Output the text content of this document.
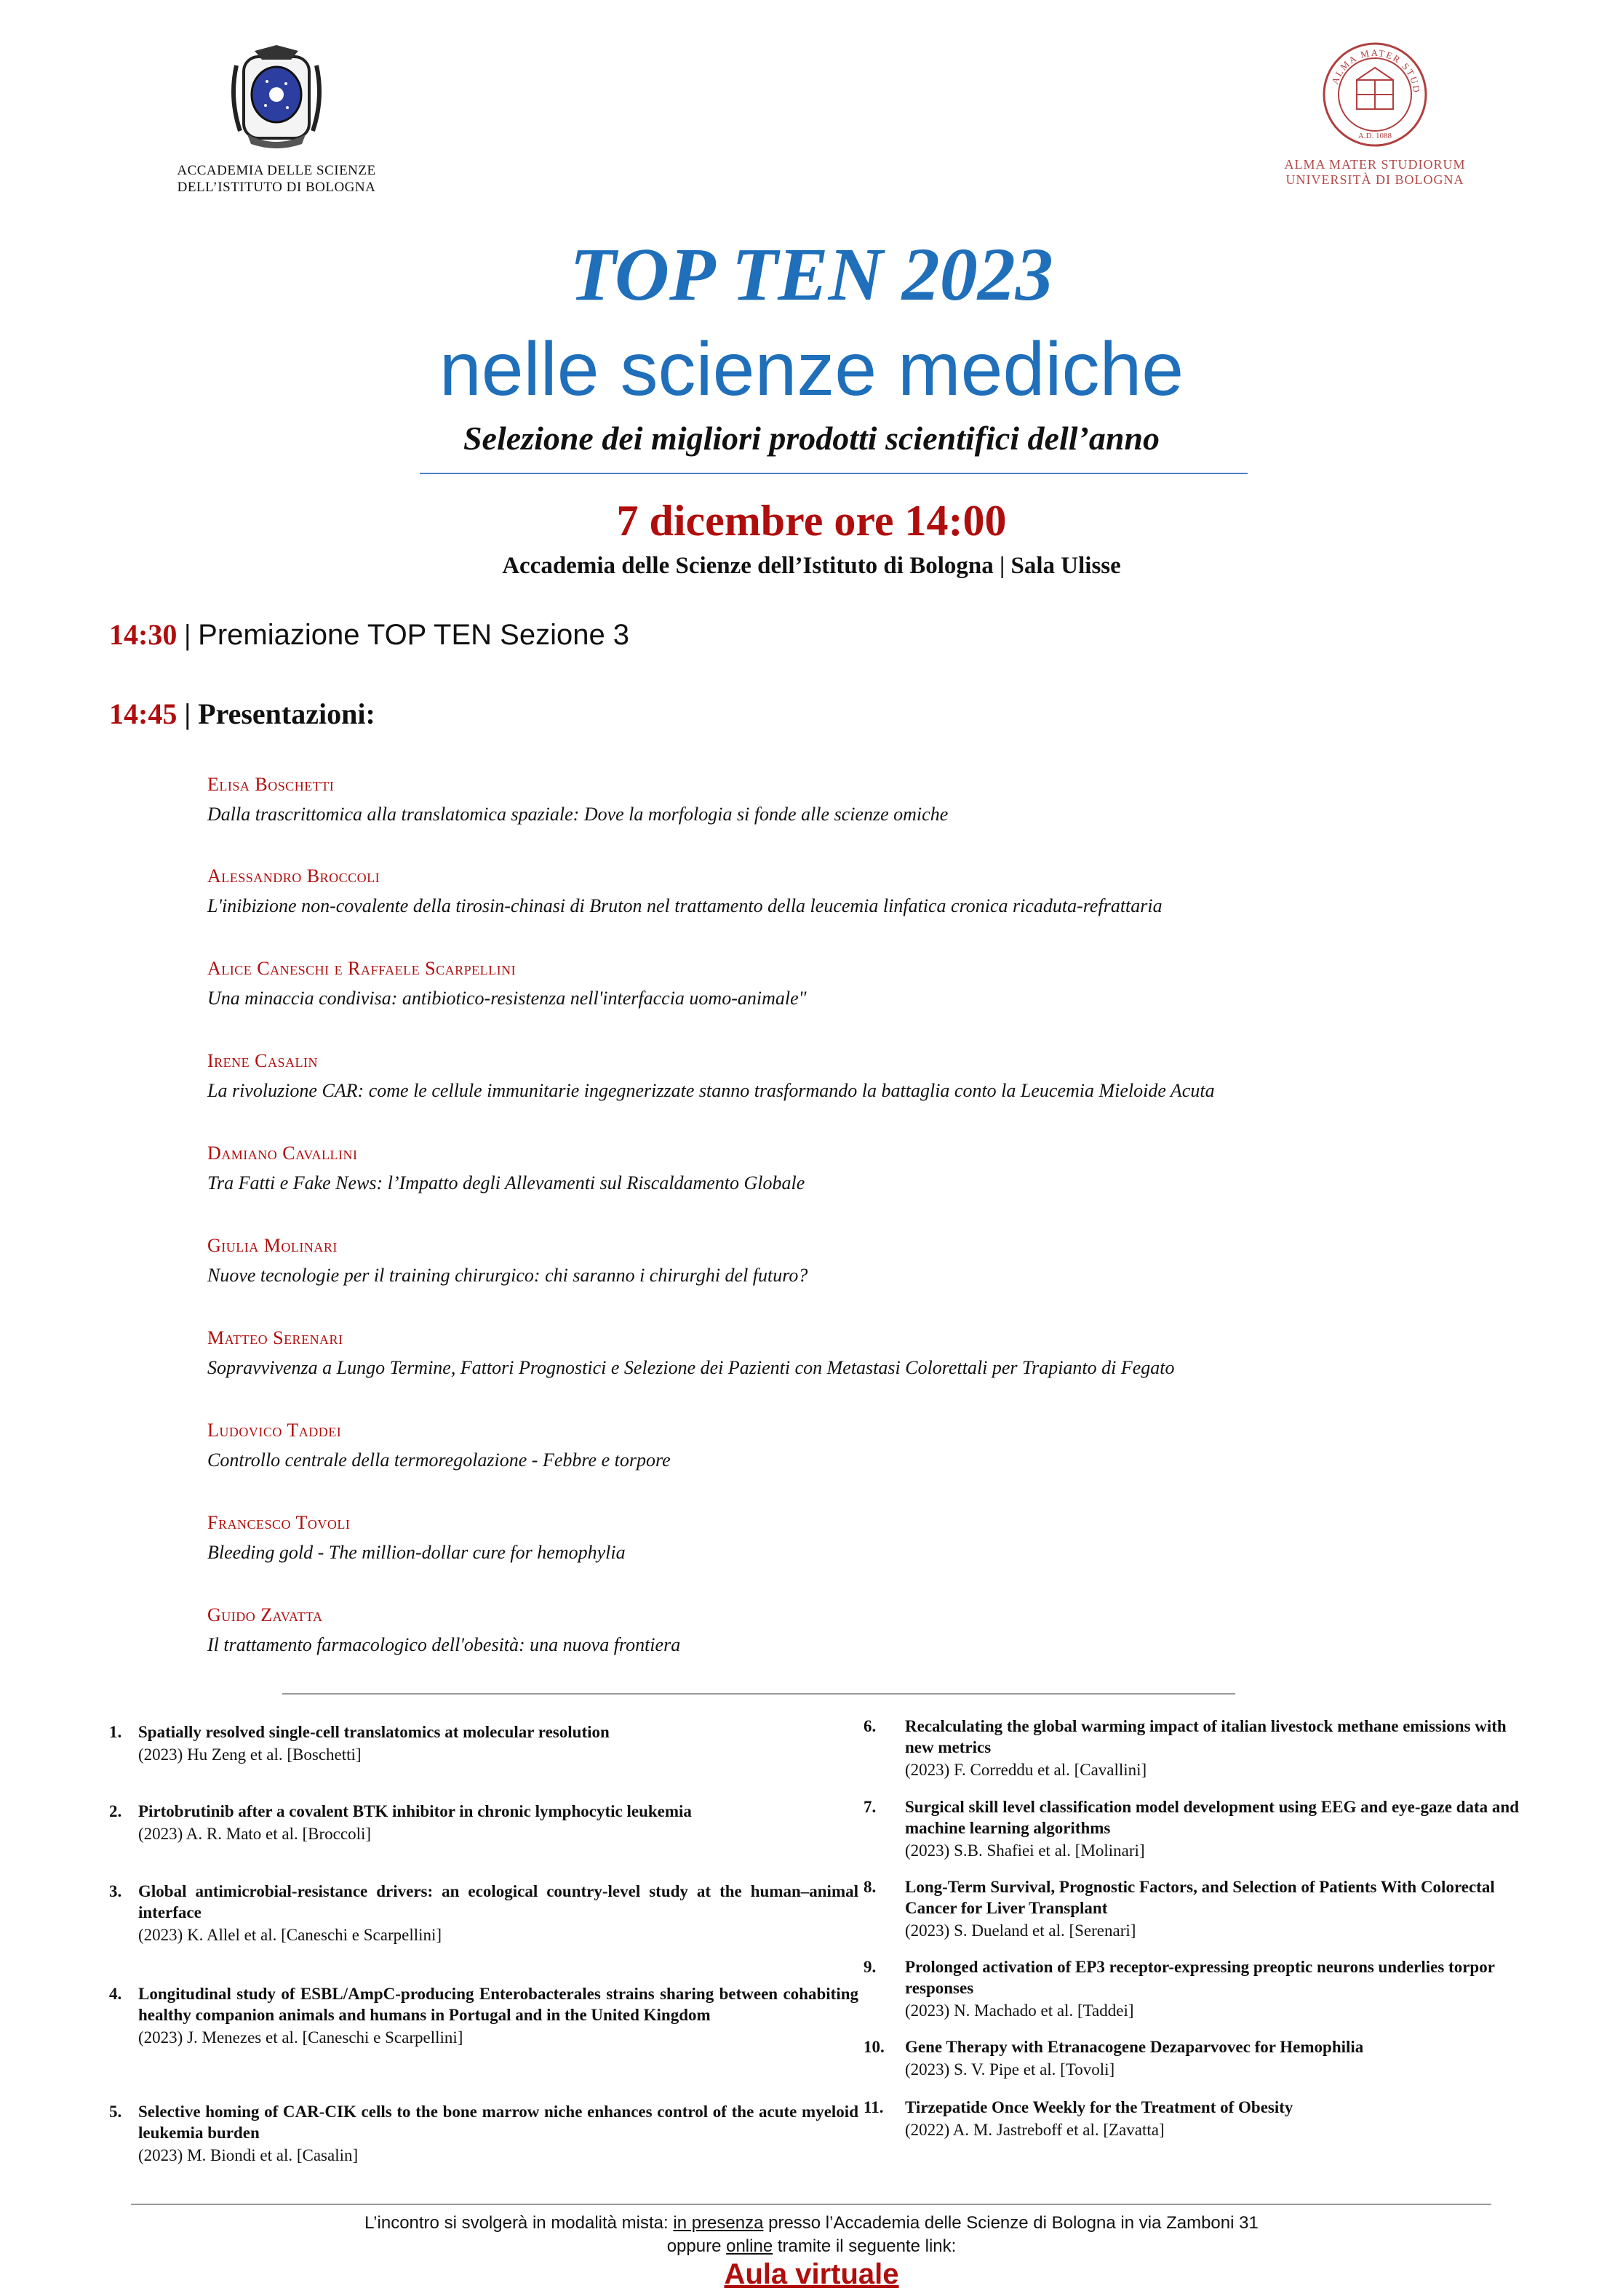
ACCADEMIA DELLE SCIENZE
DELL’ISTITUTO DI BOLOGNA
ALMA MATER STUD
A.D. 1088
ALMA MATER STUDIORUM
UNIVERSITÀ DI BOLOGNA
TOP TEN 2023
nelle scienze mediche
Selezione dei migliori prodotti scientifici dell’anno
7 dicembre ore 14:00
Accademia delle Scienze dell’Istituto di Bologna | Sala Ulisse
14:30 | Premiazione TOP TEN Sezione 3
14:45 | Presentazioni:
Elisa Boschetti
Dalla trascrittomica alla translatomica spaziale: Dove la morfologia si fonde alle scienze omiche
Alessandro Broccoli
L'inibizione non-covalente della tirosin-chinasi di Bruton nel trattamento della leucemia linfatica cronica ricaduta-refrattaria
Alice Caneschi e Raffaele Scarpellini
Una minaccia condivisa: antibiotico-resistenza nell'interfaccia uomo-animale"
Irene Casalin
La rivoluzione CAR: come le cellule immunitarie ingegnerizzate stanno trasformando la battaglia conto la Leucemia Mieloide Acuta
Damiano Cavallini
Tra Fatti e Fake News: l’Impatto degli Allevamenti sul Riscaldamento Globale
Giulia Molinari
Nuove tecnologie per il training chirurgico: chi saranno i chirurghi del futuro?
Matteo Serenari
Sopravvivenza a Lungo Termine, Fattori Prognostici e Selezione dei Pazienti con Metastasi Colorettali per Trapianto di Fegato
Ludovico Taddei
Controllo centrale della termoregolazione - Febbre e torpore
Francesco Tovoli
Bleeding gold - The million-dollar cure for hemophylia
Guido Zavatta
Il trattamento farmacologico dell'obesità: una nuova frontiera
1. Spatially resolved single-cell translatomics at molecular resolution
(2023) Hu Zeng et al. [Boschetti]
2. Pirtobrutinib after a covalent BTK inhibitor in chronic lymphocytic leukemia
(2023) A. R. Mato et al. [Broccoli]
3. Global antimicrobial-resistance drivers: an ecological country-level study at the human–animal interface
(2023) K. Allel et al. [Caneschi e Scarpellini]
4. Longitudinal study of ESBL/AmpC-producing Enterobacterales strains sharing between cohabiting healthy companion animals and humans in Portugal and in the United Kingdom
(2023) J. Menezes et al. [Caneschi e Scarpellini]
5. Selective homing of CAR-CIK cells to the bone marrow niche enhances control of the acute myeloid leukemia burden
(2023) M. Biondi et al. [Casalin]
6. Recalculating the global warming impact of italian livestock methane emissions with new metrics
(2023) F. Correddu et al. [Cavallini]
7. Surgical skill level classification model development using EEG and eye-gaze data and machine learning algorithms
(2023) S.B. Shafiei et al. [Molinari]
8. Long-Term Survival, Prognostic Factors, and Selection of Patients With Colorectal Cancer for Liver Transplant
(2023) S. Dueland et al. [Serenari]
9. Prolonged activation of EP3 receptor-expressing preoptic neurons underlies torpor responses
(2023) N. Machado et al. [Taddei]
10. Gene Therapy with Etranacogene Dezaparvovec for Hemophilia
(2023) S. V. Pipe et al. [Tovoli]
11. Tirzepatide Once Weekly for the Treatment of Obesity
(2022) A. M. Jastreboff et al. [Zavatta]
L’incontro si svolgerà in modalità mista: in presenza presso l’Accademia delle Scienze di Bologna in via Zamboni 31
oppure online tramite il seguente link:
Aula virtuale
